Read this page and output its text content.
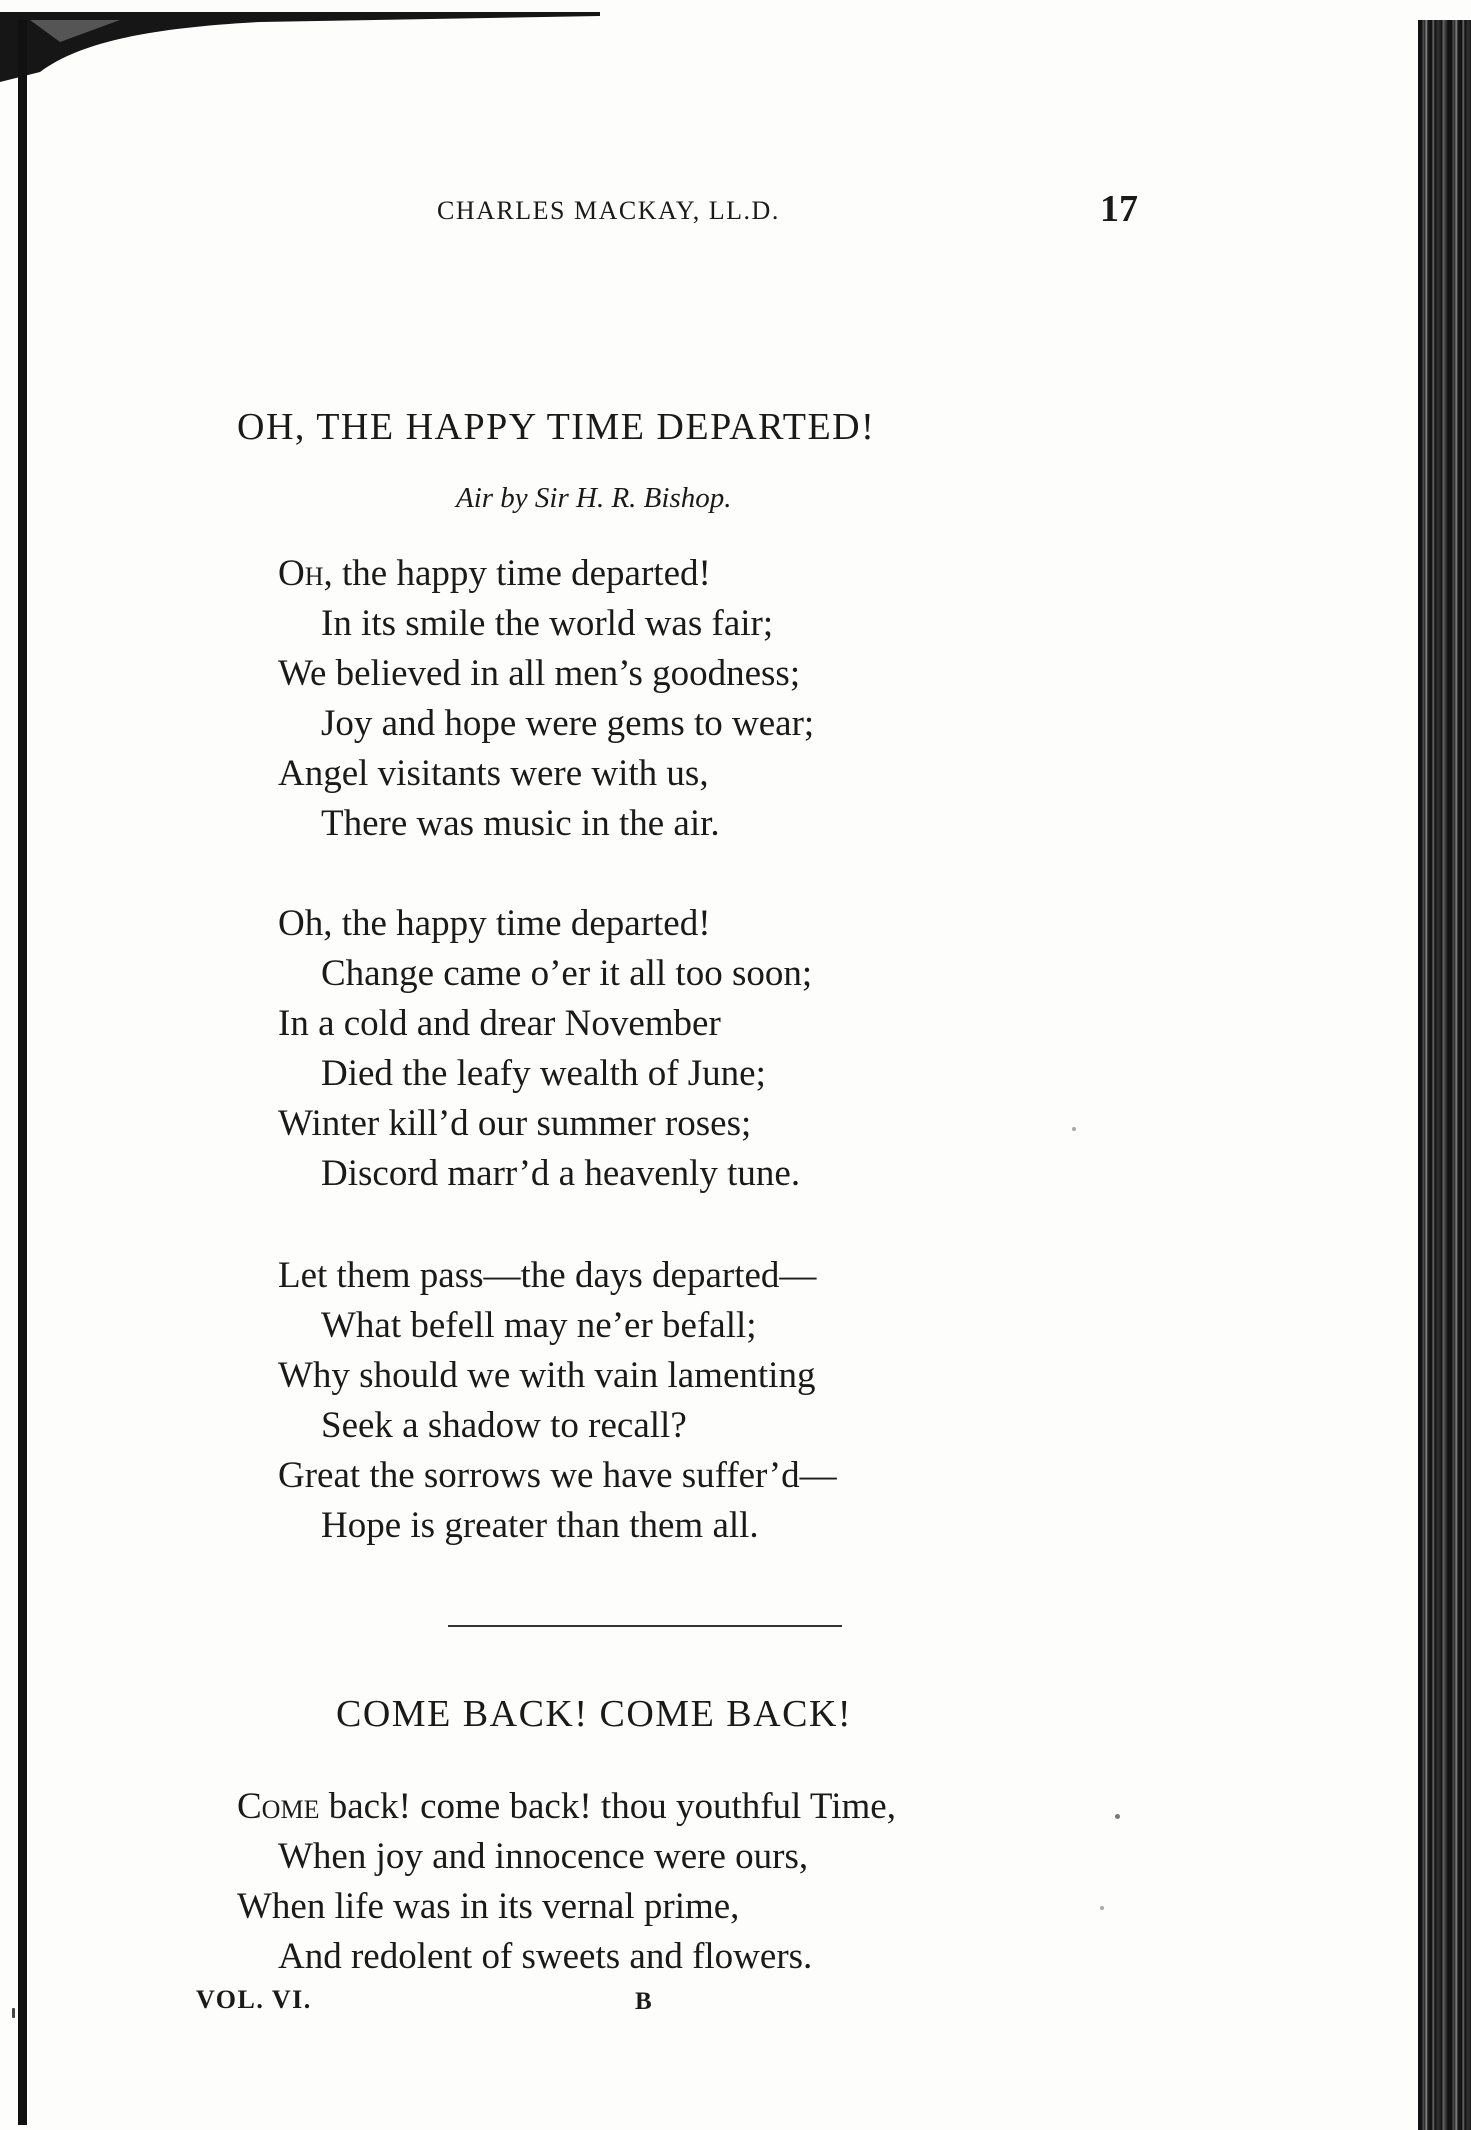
CHARLES MACKAY, LL.D.	17
OH, THE HAPPY TIME DEPARTED!
Air by Sir H. R. Bishop.
Oh, the happy time departed!
In its smile the world was fair;
We believed in all men’s goodness;
Joy and hope were gems to wear;
Angel visitants were with us,
There was music in the air.
Oh, the happy time departed!
Change came o’er it all too soon;
In a cold and drear November
Died the leafy wealth of June;
Winter kill’d our summer roses;
Discord marr’d a heavenly tune.
Let them pass—the days departed—
What befell may ne’er befall;
Why should we with vain lamenting
Seek a shadow to recall?
Great the sorrows we have suffer’d—
Hope is greater than them all.
COME BACK! COME BACK!
Come back! come back! thou youthful Time,
When joy and innocence were ours,
When life was in its vernal prime,
And redolent of sweets and flowers.
VOL. VI.	B
